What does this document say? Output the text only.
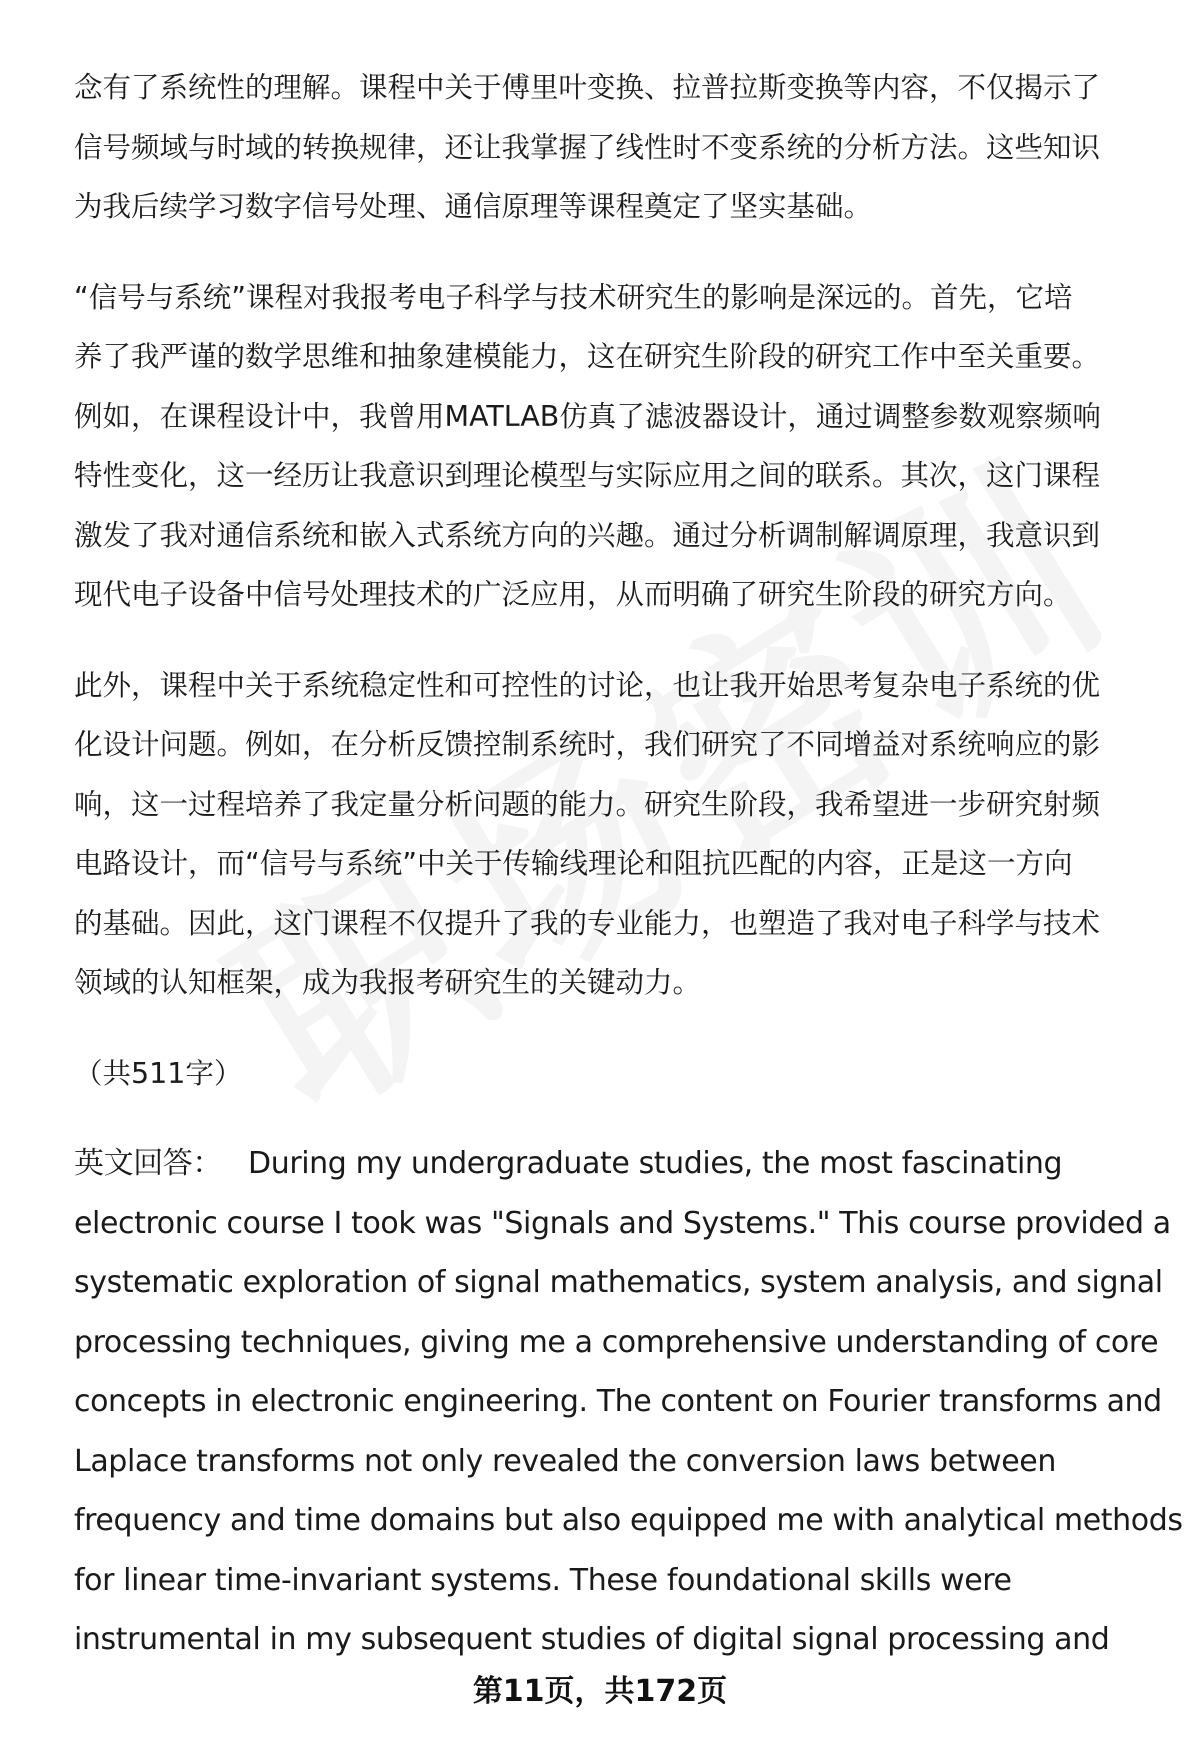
念有了系统性的理解。课程中关于傅里叶变换、拉普拉斯变换等内容，不仅揭示了
信号频域与时域的转换规律，还让我掌握了线性时不变系统的分析方法。这些知识
为我后续学习数字信号处理、通信原理等课程奠定了坚实基础。

“信号与系统”课程对我报考电子科学与技术研究生的影响是深远的。首先，它培
养了我严谨的数学思维和抽象建模能力，这在研究生阶段的研究工作中至关重要。
例如，在课程设计中，我曾用MATLAB仿真了滤波器设计，通过调整参数观察频响
特性变化，这一经历让我意识到理论模型与实际应用之间的联系。其次，这门课程
激发了我对通信系统和嵌入式系统方向的兴趣。通过分析调制解调原理，我意识到
现代电子设备中信号处理技术的广泛应用，从而明确了研究生阶段的研究方向。

此外，课程中关于系统稳定性和可控性的讨论，也让我开始思考复杂电子系统的优
化设计问题。例如，在分析反馈控制系统时，我们研究了不同增益对系统响应的影
响，这一过程培养了我定量分析问题的能力。研究生阶段，我希望进一步研究射频
电路设计，而“信号与系统”中关于传输线理论和阻抗匹配的内容，正是这一方向
的基础。因此，这门课程不仅提升了我的专业能力，也塑造了我对电子科学与技术
领域的认知框架，成为我报考研究生的关键动力。

（共511字）

英文回答： During my undergraduate studies, the most fascinating
electronic course I took was "Signals and Systems." This course provided a
systematic exploration of signal mathematics, system analysis, and signal
processing techniques, giving me a comprehensive understanding of core
concepts in electronic engineering. The content on Fourier transforms and
Laplace transforms not only revealed the conversion laws between
frequency and time domains but also equipped me with analytical methods
for linear time-invariant systems. These foundational skills were
instrumental in my subsequent studies of digital signal processing and

第11页，共172页
